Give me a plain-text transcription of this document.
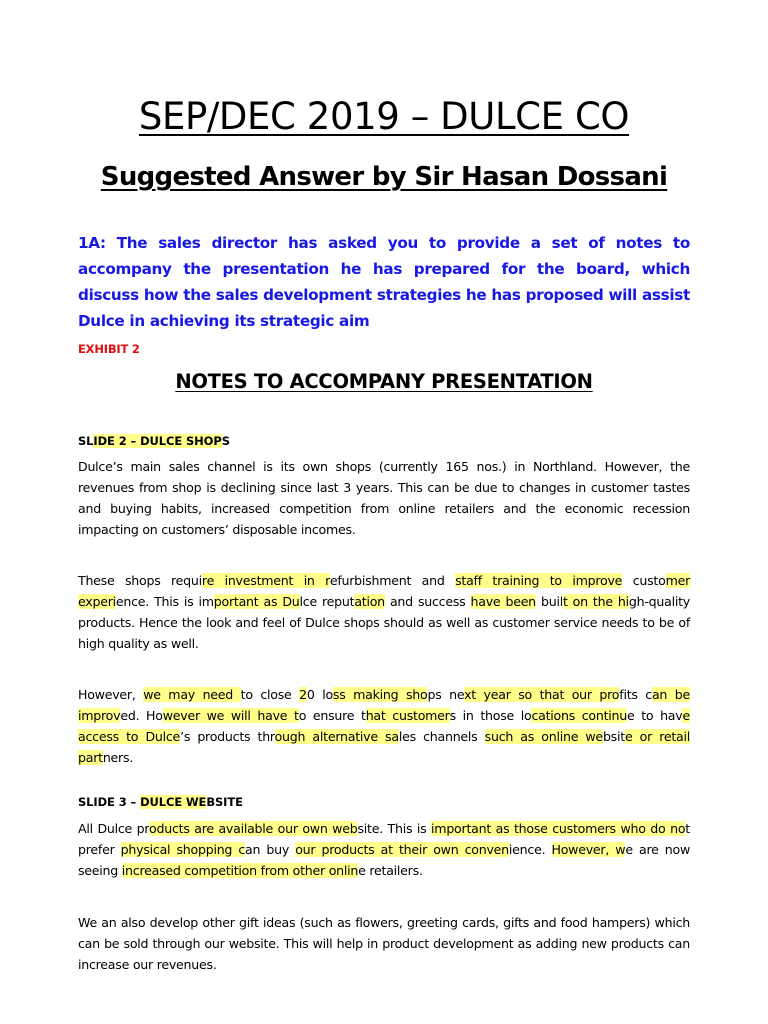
SEP/DEC 2019 – DULCE CO
Suggested Answer by Sir Hasan Dossani

1A: The sales director has asked you to provide a set of notes to accompany the presentation he has prepared for the board, which discuss how the sales development strategies he has proposed will assist Dulce in achieving its strategic aim

EXHIBIT 2
NOTES TO ACCOMPANY PRESENTATION

SLIDE 2 – DULCE SHOPS

Dulce’s main sales channel is its own shops (currently 165 nos.) in Northland. However, the revenues from shop is declining since last 3 years. This can be due to changes in customer tastes and buying habits, increased competition from online retailers and the economic recession impacting on customers’ disposable incomes.

These shops require investment in refurbishment and staff training to improve customer experience. This is important as Dulce reputation and success have been built on the high-quality products. Hence the look and feel of Dulce shops should as well as customer service needs to be of high quality as well.

However, we may need to close 20 loss making shops next year so that our profits can be improved. However we will have to ensure that customers in those locations continue to have access to Dulce’s products through alternative sales channels such as online website or retail partners.

SLIDE 3 – DULCE WEBSITE

All Dulce products are available our own website. This is important as those customers who do not prefer physical shopping can buy our products at their own convenience. However, we are now seeing increased competition from other online retailers.

We an also develop other gift ideas (such as flowers, greeting cards, gifts and food hampers) which can be sold through our website. This will help in product development as adding new products can increase our revenues.
